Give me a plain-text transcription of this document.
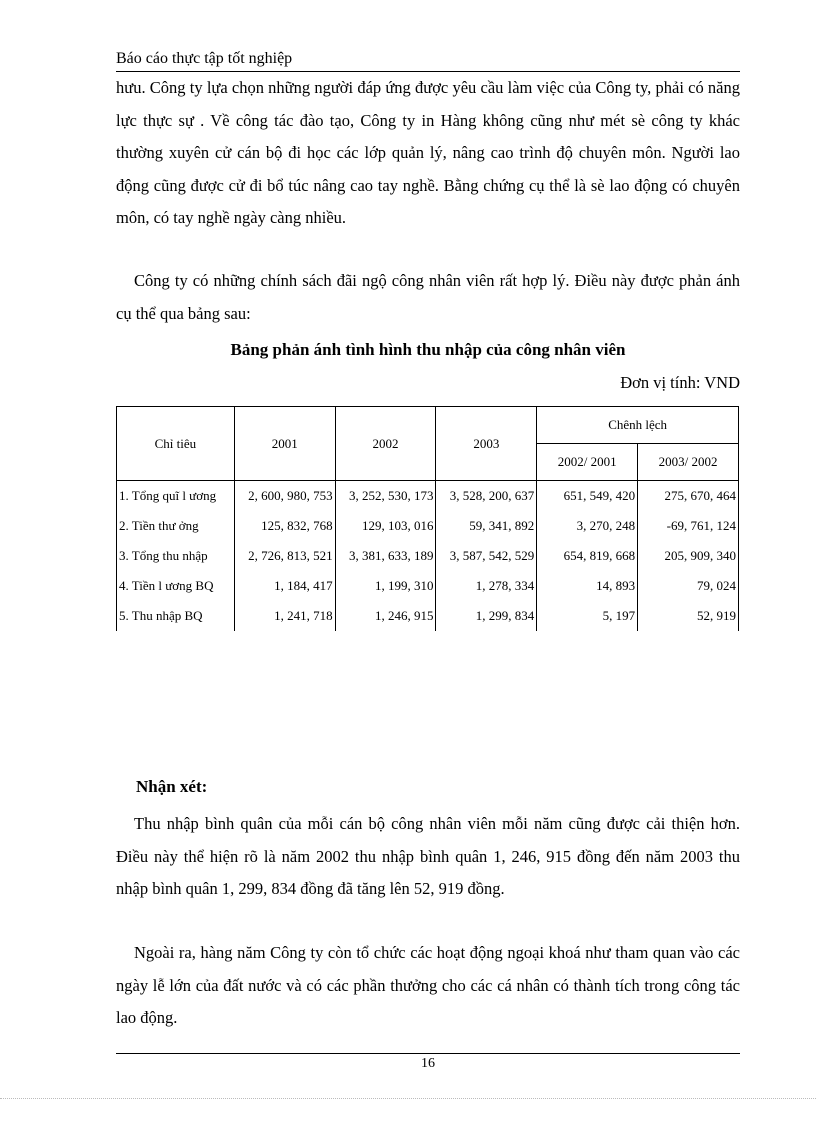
Báo cáo thực tập tốt nghiệp

hưu. Công ty lựa chọn những người đáp ứng được yêu cầu làm việc của Công ty, phải có năng lực thực sự . Về công tác đào tạo, Công ty in Hàng không cũng như mét sè công ty khác thường xuyên cử cán bộ đi học các lớp quản lý, nâng cao trình độ chuyên môn. Người lao động cũng được cử đi bổ túc nâng cao tay nghề. Bằng chứng cụ thể là sè lao động có chuyên môn, có tay nghề ngày càng nhiều.

Công ty có những chính sách đãi ngộ công nhân viên rất hợp lý. Điều này được phản ánh cụ thể qua bảng sau:

Bảng phản ánh tình hình thu nhập của công nhân viên
Đơn vị tính: VND
Chỉ tiêu	2001	2002	2003	Chênh lệch	
				2002/ 2001	2003/ 2002
1. Tổng quĩ l ương	2, 600, 980, 753	3, 252, 530, 173	3, 528, 200, 637	651, 549, 420	275, 670, 464
2. Tiền thư ởng	125, 832, 768	129, 103, 016	59, 341, 892	3, 270, 248	-69, 761, 124
3. Tổng thu nhập	2, 726, 813, 521	3, 381, 633, 189	3, 587, 542, 529	654, 819, 668	205, 909, 340
4. Tiền l ương BQ	1, 184, 417	1, 199, 310	1, 278, 334	14, 893	79, 024
5. Thu nhập BQ	1, 241, 718	1, 246, 915	1, 299, 834	5, 197	52, 919
Nhận xét:

Thu nhập bình quân của mỗi cán bộ công nhân viên mỗi năm cũng được cải thiện hơn. Điều này thể hiện rõ là năm 2002 thu nhập bình quân 1, 246, 915 đồng đến năm 2003 thu nhập bình quân 1, 299, 834 đồng đã tăng lên 52, 919 đồng.

Ngoài ra, hàng năm Công ty còn tổ chức các hoạt động ngoại khoá như tham quan vào các ngày lễ lớn của đất nước và có các phần thưởng cho các cá nhân có thành tích trong công tác lao động.

16
